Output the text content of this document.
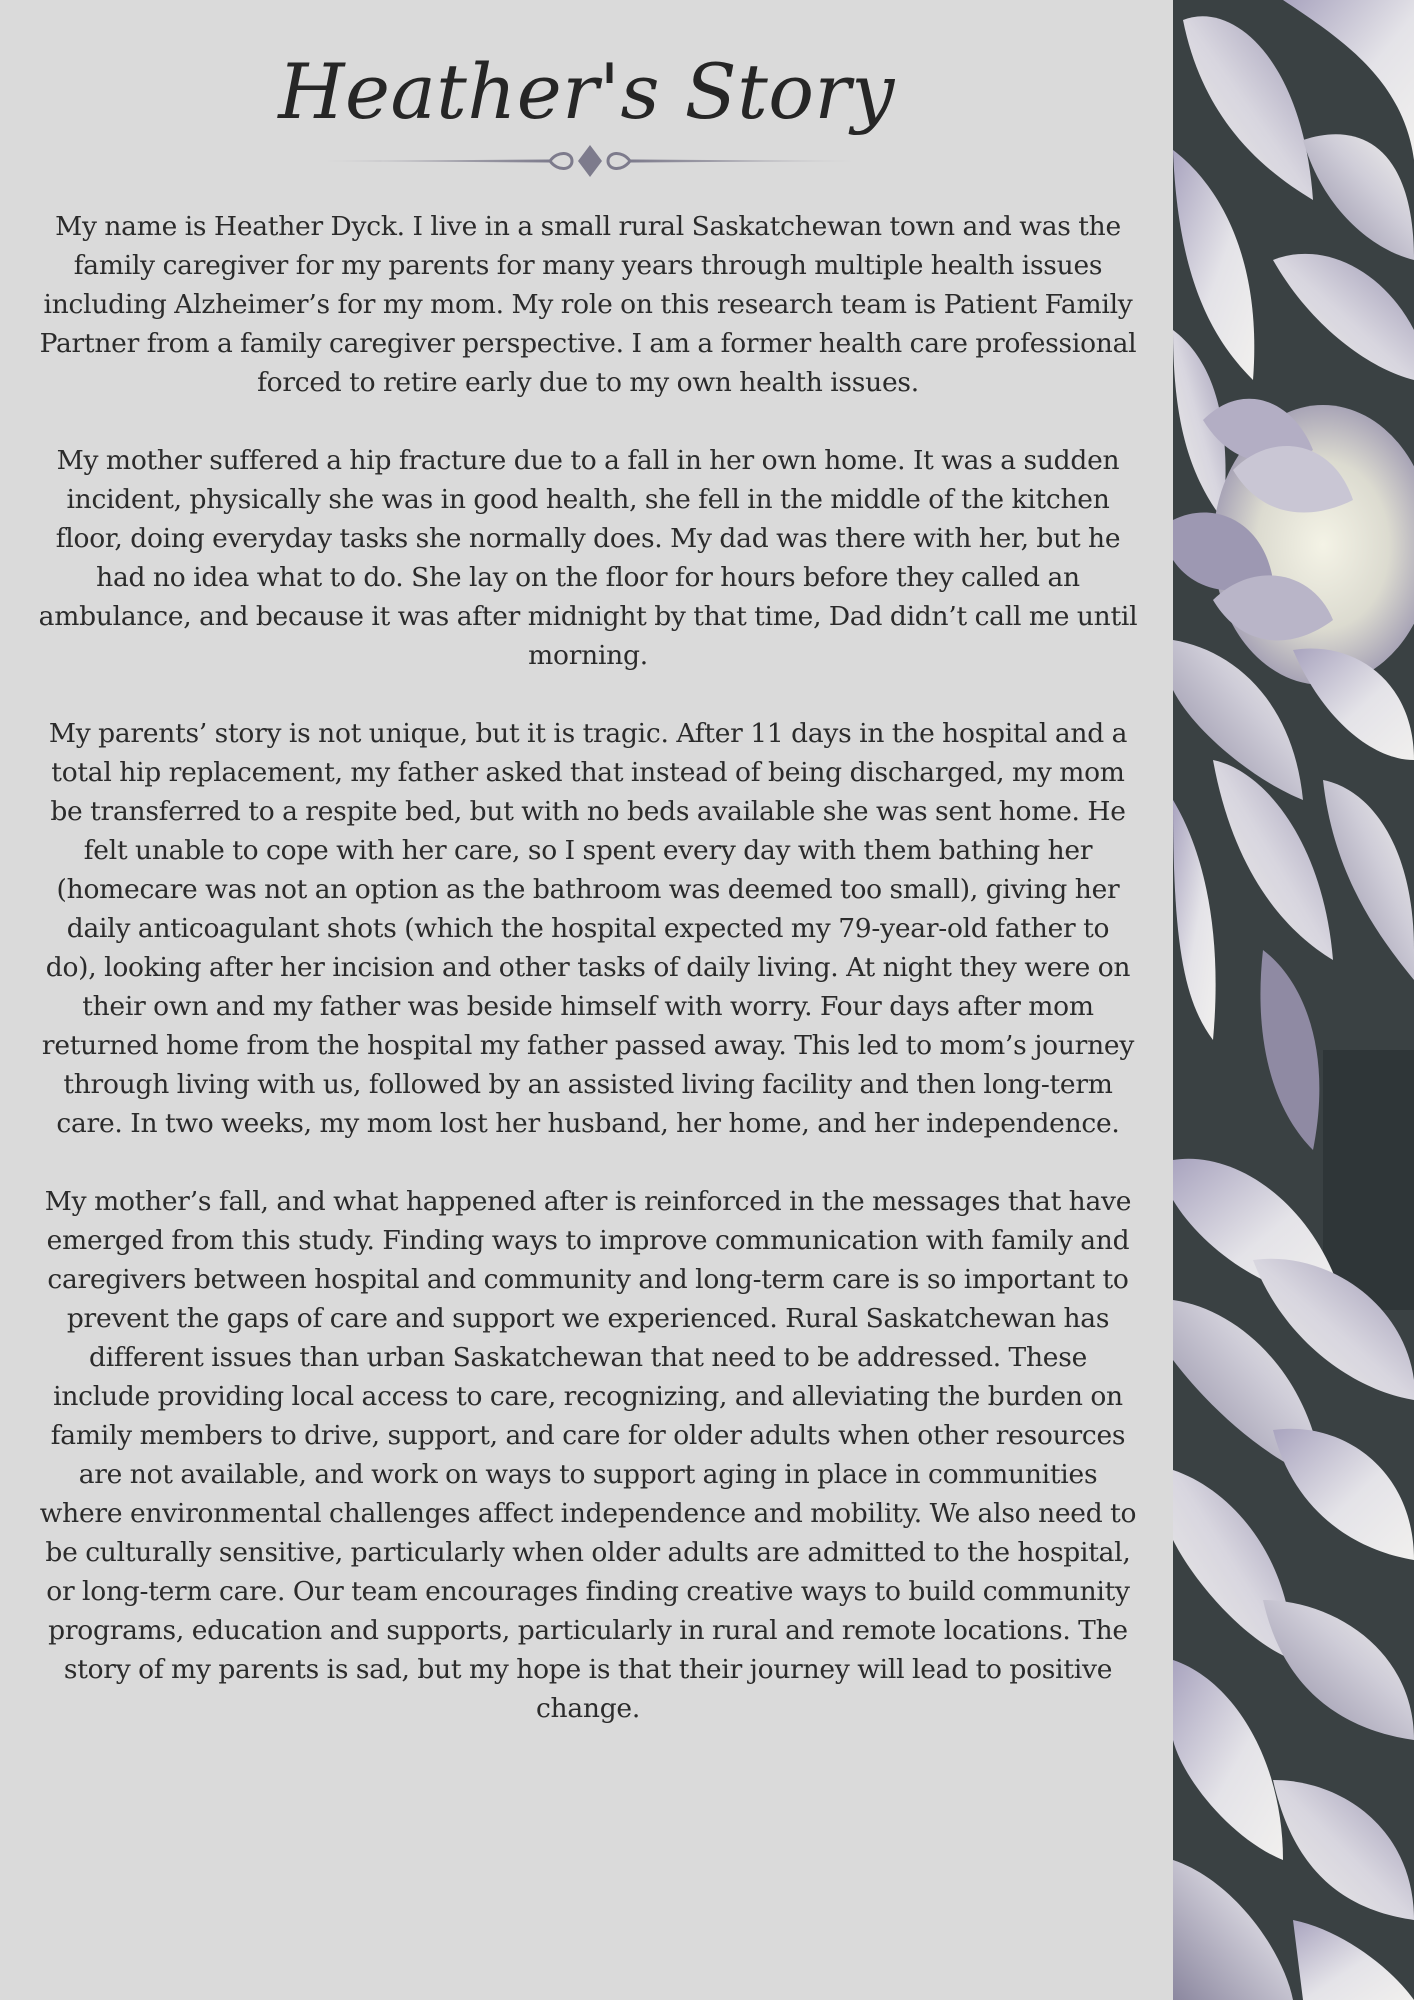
Heather's Story

My name is Heather Dyck. I live in a small rural Saskatchewan town and was the family caregiver for my parents for many years through multiple health issues including Alzheimer’s for my mom. My role on this research team is Patient Family Partner from a family caregiver perspective. I am a former health care professional forced to retire early due to my own health issues.

My mother suffered a hip fracture due to a fall in her own home. It was a sudden incident, physically she was in good health, she fell in the middle of the kitchen floor, doing everyday tasks she normally does. My dad was there with her, but he had no idea what to do. She lay on the floor for hours before they called an ambulance, and because it was after midnight by that time, Dad didn’t call me until morning.

My parents’ story is not unique, but it is tragic. After 11 days in the hospital and a total hip replacement, my father asked that instead of being discharged, my mom be transferred to a respite bed, but with no beds available she was sent home. He felt unable to cope with her care, so I spent every day with them bathing her (homecare was not an option as the bathroom was deemed too small), giving her daily anticoagulant shots (which the hospital expected my 79-year-old father to do), looking after her incision and other tasks of daily living. At night they were on their own and my father was beside himself with worry. Four days after mom returned home from the hospital my father passed away. This led to mom’s journey through living with us, followed by an assisted living facility and then long-term care. In two weeks, my mom lost her husband, her home, and her independence.

My mother’s fall, and what happened after is reinforced in the messages that have emerged from this study. Finding ways to improve communication with family and caregivers between hospital and community and long-term care is so important to prevent the gaps of care and support we experienced. Rural Saskatchewan has different issues than urban Saskatchewan that need to be addressed. These include providing local access to care, recognizing, and alleviating the burden on family members to drive, support, and care for older adults when other resources are not available, and work on ways to support aging in place in communities where environmental challenges affect independence and mobility. We also need to be culturally sensitive, particularly when older adults are admitted to the hospital, or long-term care. Our team encourages finding creative ways to build community programs, education and supports, particularly in rural and remote locations. The story of my parents is sad, but my hope is that their journey will lead to positive change.
